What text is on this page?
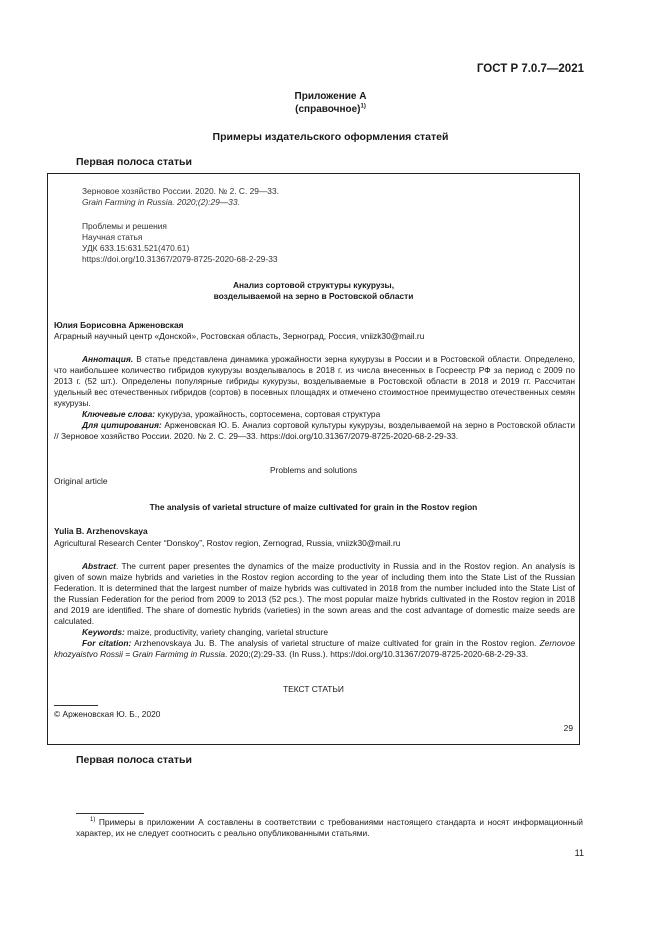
ГОСТ Р 7.0.7—2021
Приложение А
(справочное)$^{1)}$
Примеры издательского оформления статей
Первая полоса статьи
Зерновое хозяйство России. 2020. № 2. С. 29—33.
Grain Farming in Russia. 2020;(2):29—33.
Проблемы и решения
Научная статья
УДК 633.15:631.521(470.61)
https://doi.org/10.31367/2079-8725-2020-68-2-29-33
Анализ сортовой структуры кукурузы,
возделываемой на зерно в Ростовской области
Юлия Борисовна Арженовская
Аграрный научный центр «Донской», Ростовская область, Зерноград, Россия, vniizk30@mail.ru

Аннотация. В статье представлена динамика урожайности зерна кукурузы в России и в Ростовской области. Определено, что наибольшее количество гибридов кукурузы возделывалось в 2018 г. из числа внесенных в Госреестр РФ за период с 2009 по 2013 г. (52 шт.). Определены популярные гибриды кукурузы, возделываемые в Ростовской области в 2018 и 2019 гг. Рассчитан удельный вес отечественных гибридов (сортов) в посевных площадях и отмечено стоимостное преимущество отечественных семян кукурузы.

Ключевые слова: кукуруза, урожайность, сортосемена, сортовая структура

Для цитирования: Арженовская Ю. Б. Анализ сортовой культуры кукурузы, возделываемой на зерно в Ростовской области // Зерновое хозяйство России. 2020. № 2. С. 29—33. https://doi.org/10.31367/2079-8725-2020-68-2-29-33.

Problems and solutions
Original article
The analysis of varietal structure of maize cultivated for grain in the Rostov region
Yulia B. Arzhenovskaya
Agricultural Research Center “Donskoy”, Rostov region, Zernograd, Russia, vniizk30@mail.ru

Abstract. The current paper presentes the dynamics of the maize productivity in Russia and in the Rostov region. An analysis is given of sown maize hybrids and varieties in the Rostov region according to the year of including them into the State List of the Russian Federation. It is determined that the largest number of maize hybrids was cultivated in 2018 from the number included into the State List of the Russian Federation for the period from 2009 to 2013 (52 pcs.). The most popular maize hybrids cultivated in the Rostov region in 2018 and 2019 are identified. The share of domestic hybrids (varieties) in the sown areas and the cost advantage of domestic maize seeds are calculated.

Keywords: maize, productivity, variety changing, varietal structure

For citation: Arzhenovskaya Ju. B. The analysis of varietal structure of maize cultivated for grain in the Rostov region. Zernovoe khozyaistvo Rossii = Grain Farmimg in Russia. 2020;(2):29-33. (In Russ.). https://doi.org/10.31367/2079-8725-2020-68-2-29-33.

ТЕКСТ СТАТЬИ
© Арженовская Ю. Б., 2020
29
Первая полоса статьи
$^{1)}$ Примеры в приложении А составлены в соответствии с требованиями настоящего стандарта и носят информационный характер, их не следует соотносить с реально опубликованными статьями.
11
